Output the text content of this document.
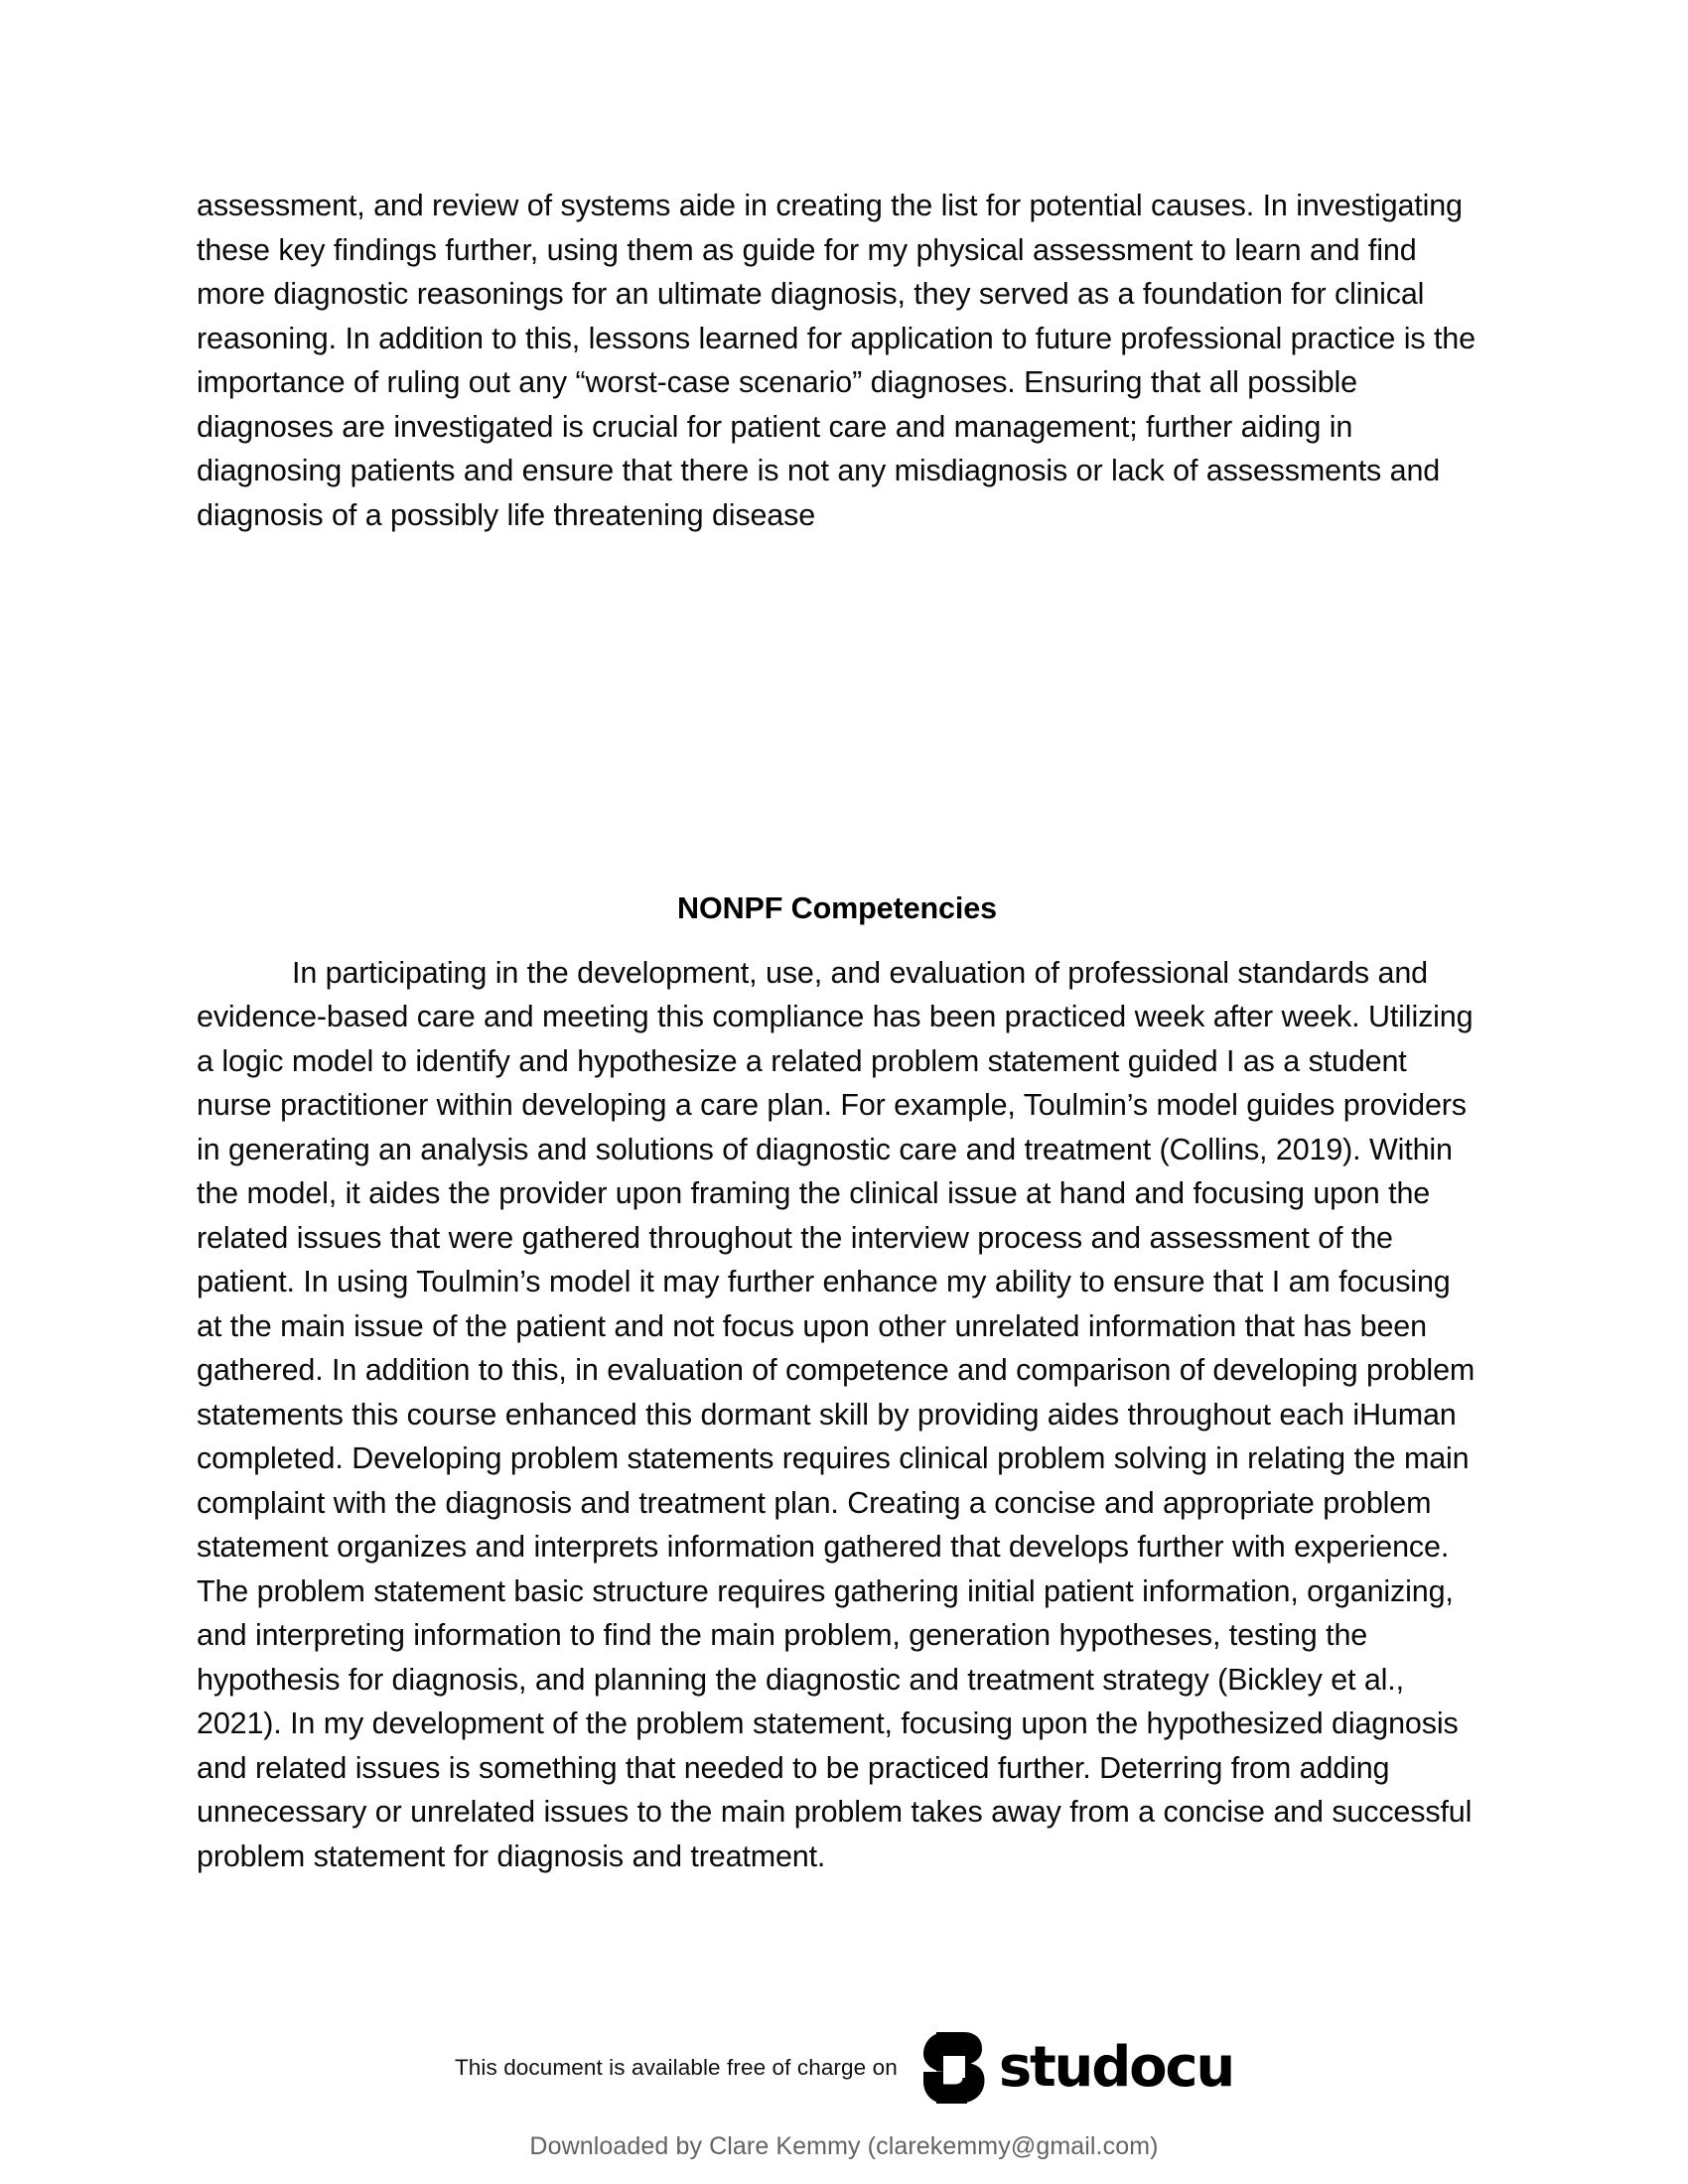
assessment, and review of systems aide in creating the list for potential causes. In investigating these key findings further, using them as guide for my physical assessment to learn and find more diagnostic reasonings for an ultimate diagnosis, they served as a foundation for clinical reasoning. In addition to this, lessons learned for application to future professional practice is the importance of ruling out any “worst-case scenario” diagnoses. Ensuring that all possible diagnoses are investigated is crucial for patient care and management; further aiding in diagnosing patients and ensure that there is not any misdiagnosis or lack of assessments and diagnosis of a possibly life threatening disease

NONPF Competencies

In participating in the development, use, and evaluation of professional standards and evidence-based care and meeting this compliance has been practiced week after week. Utilizing a logic model to identify and hypothesize a related problem statement guided I as a student nurse practitioner within developing a care plan. For example, Toulmin’s model guides providers in generating an analysis and solutions of diagnostic care and treatment (Collins, 2019). Within the model, it aides the provider upon framing the clinical issue at hand and focusing upon the related issues that were gathered throughout the interview process and assessment of the patient. In using Toulmin’s model it may further enhance my ability to ensure that I am focusing at the main issue of the patient and not focus upon other unrelated information that has been gathered. In addition to this, in evaluation of competence and comparison of developing problem statements this course enhanced this dormant skill by providing aides throughout each iHuman completed. Developing problem statements requires clinical problem solving in relating the main complaint with the diagnosis and treatment plan. Creating a concise and appropriate problem statement organizes and interprets information gathered that develops further with experience. The problem statement basic structure requires gathering initial patient information, organizing, and interpreting information to find the main problem, generation hypotheses, testing the hypothesis for diagnosis, and planning the diagnostic and treatment strategy (Bickley et al., 2021). In my development of the problem statement, focusing upon the hypothesized diagnosis and related issues is something that needed to be practiced further. Deterring from adding unnecessary or unrelated issues to the main problem takes away from a concise and successful problem statement for diagnosis and treatment.

This document is available free of charge on studocu
Downloaded by Clare Kemmy (clarekemmy@gmail.com)
